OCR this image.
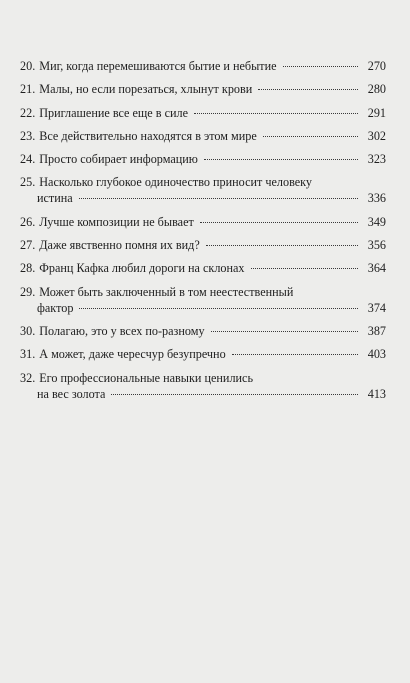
20. Миг, когда перемешиваются бытие и небытие	270
21. Малы, но если порезаться, хлынут крови	280
22. Приглашение все еще в силе	291
23. Все действительно находятся в этом мире	302
24. Просто собирает информацию	323
25. Насколько глубокое одиночество приносит человеку
истина	336
26. Лучше композиции не бывает	349
27. Даже явственно помня их вид?	356
28. Франц Кафка любил дороги на склонах	364
29. Может быть заключенный в том неестественный
фактор	374
30. Полагаю, это у всех по-разному	387
31. А может, даже чересчур безупречно	403
32. Его профессиональные навыки ценились
на вес золота	413
